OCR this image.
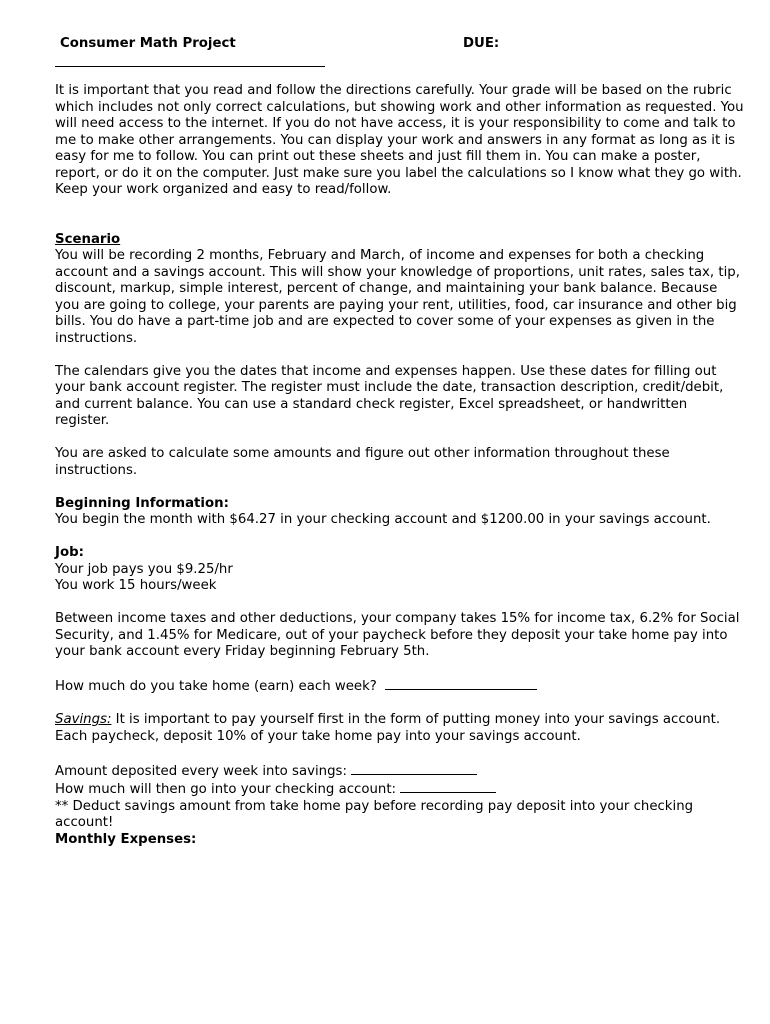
Consumer Math Project	DUE:

It is important that you read and follow the directions carefully. Your grade will be based on the rubric which includes not only correct calculations, but showing work and other information as requested. You will need access to the internet. If you do not have access, it is your responsibility to come and talk to me to make other arrangements. You can display your work and answers in any format as long as it is easy for me to follow. You can print out these sheets and just fill them in. You can make a poster, report, or do it on the computer. Just make sure you label the calculations so I know what they go with. Keep your work organized and easy to read/follow.

Scenario

You will be recording 2 months, February and March, of income and expenses for both a checking account and a savings account. This will show your knowledge of proportions, unit rates, sales tax, tip, discount, markup, simple interest, percent of change, and maintaining your bank balance. Because you are going to college, your parents are paying your rent, utilities, food, car insurance and other big bills. You do have a part-time job and are expected to cover some of your expenses as given in the instructions.

The calendars give you the dates that income and expenses happen. Use these dates for filling out your bank account register. The register must include the date, transaction description, credit/debit, and current balance. You can use a standard check register, Excel spreadsheet, or handwritten register.

You are asked to calculate some amounts and figure out other information throughout these instructions.

Beginning Information:

You begin the month with $64.27 in your checking account and $1200.00 in your savings account.

Job:

Your job pays you $9.25/hr

You work 15 hours/week

Between income taxes and other deductions, your company takes 15% for income tax, 6.2% for Social Security, and 1.45% for Medicare, out of your paycheck before they deposit your take home pay into your bank account every Friday beginning February 5th.

How much do you take home (earn) each week?

Savings: It is important to pay yourself first in the form of putting money into your savings account. Each paycheck, deposit 10% of your take home pay into your savings account.

Amount deposited every week into savings:

How much will then go into your checking account:

** Deduct savings amount from take home pay before recording pay deposit into your checking account!

Monthly Expenses:
